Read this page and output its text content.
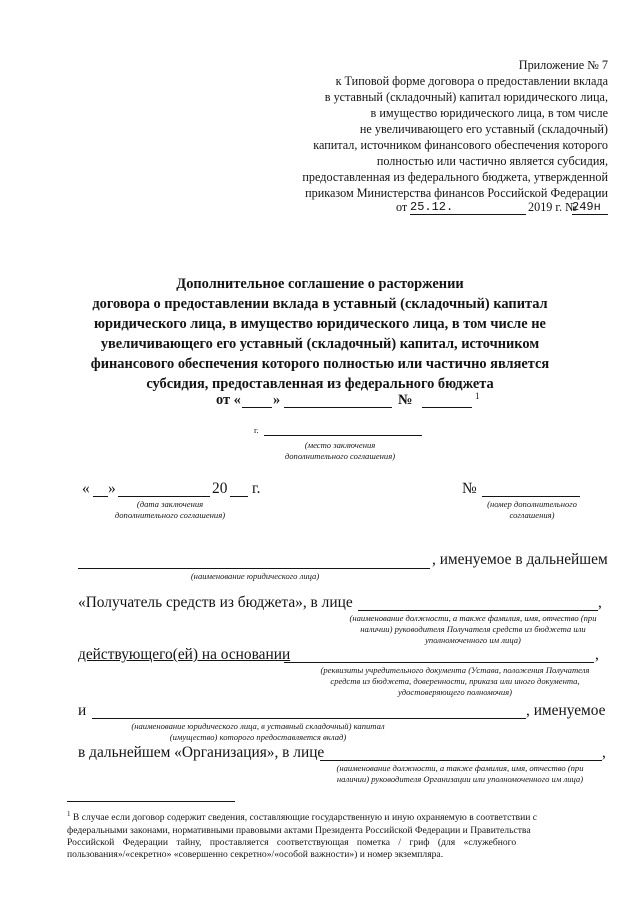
Приложение № 7
к Типовой форме договора о предоставлении вклада
в уставный (складочный) капитал юридического лица,
в имущество юридического лица, в том числе
не увеличивающего его уставный (складочный)
капитал, источником финансового обеспечения которого
полностью или частично является субсидия,
предоставленная из федерального бюджета, утвержденной
приказом Министерства финансов Российской Федерации
от 25.12.	2019 г. №
249н
Дополнительное соглашение о расторжении
договора о предоставлении вклада в уставный (складочный) капитал
юридического лица, в имущество юридического лица, в том числе не
увеличивающего его уставный (складочный) капитал, источником
финансового обеспечения которого полностью или частично является
субсидия, предоставленная из федерального бюджета
от « »	№	1
г.
(место заключения
дополнительного соглашения)
« »	20 г.
(дата заключения
дополнительного соглашения)
№
(номер дополнительного
соглашения)
, именуемое в дальнейшем
(наименование юридического лица)
«Получатель средств из бюджета», в лице	,
(наименование должности, а также фамилия, имя, отчество (при
наличии) руководителя Получателя средств из бюджета или
уполномоченного им лица)
действующего(ей) на основании	,
(реквизиты учредительного документа (Устава, положения Получателя
средств из бюджета, доверенности, приказа или иного документа,
удостоверяющего полномочия)
и	, именуемое
(наименование юридического лица, в уставный складочный) капитал
(имущество) которого предоставляется вклад)
в дальнейшем «Организация», в лице	,
(наименование должности, а также фамилия, имя, отчество (при
наличии) руководителя Организации или уполномоченного им лица)
$^1$ В случае если договор содержит сведения, составляющие государственную и иную охраняемую в соответствии с
федеральными законами, нормативными правовыми актами Президента Российской Федерации и Правительства
Российской Федерации тайну, проставляется соответствующая пометка / гриф (для «служебного
пользования»/«секретно» «совершенно секретно»/«особой важности») и номер экземпляра.
